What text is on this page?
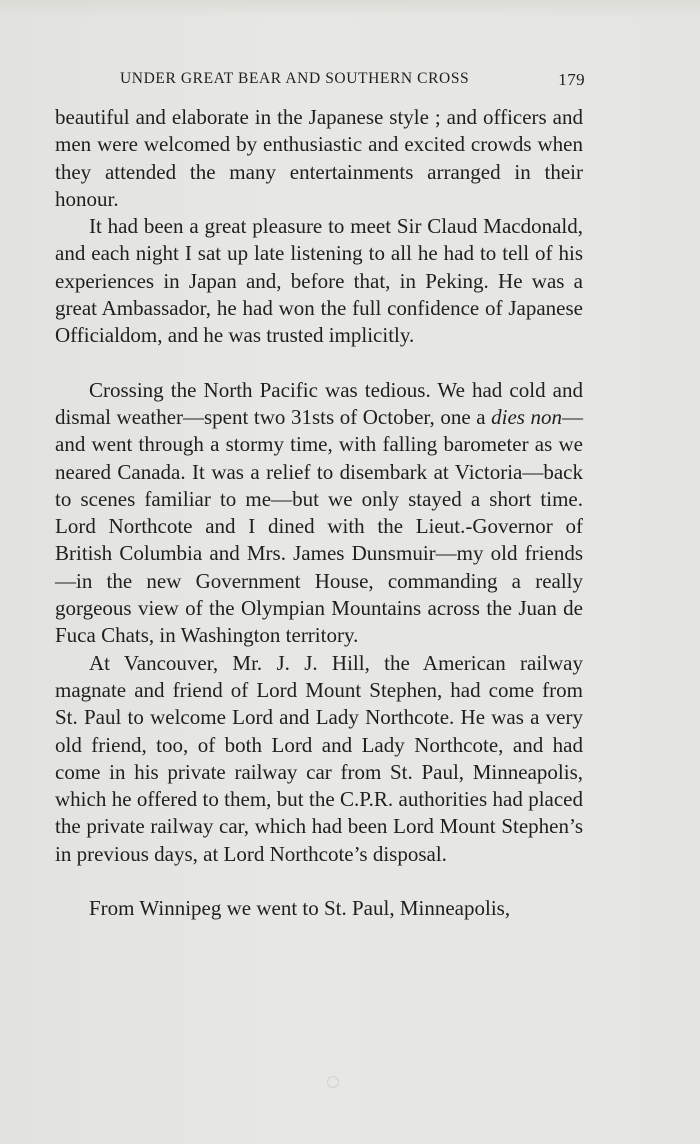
UNDER GREAT BEAR AND SOUTHERN CROSS	179

beautiful and elaborate in the Japanese style ; and officers and men were welcomed by enthusiastic and excited crowds when they attended the many entertainments arranged in their honour.

It had been a great pleasure to meet Sir Claud Macdonald, and each night I sat up late listening to all he had to tell of his experiences in Japan and, before that, in Peking. He was a great Ambassador, he had won the full confidence of Japanese Officialdom, and he was trusted implicitly.

Crossing the North Pacific was tedious. We had cold and dismal weather—spent two 31sts of October, one a dies non—and went through a stormy time, with falling barometer as we neared Canada. It was a relief to disembark at Victoria—back to scenes familiar to me—but we only stayed a short time. Lord Northcote and I dined with the Lieut.-Governor of British Columbia and Mrs. James Dunsmuir—my old friends—in the new Government House, commanding a really gorgeous view of the Olympian Mountains across the Juan de Fuca Chats, in Washington territory.

At Vancouver, Mr. J. J. Hill, the American railway magnate and friend of Lord Mount Stephen, had come from St. Paul to welcome Lord and Lady Northcote. He was a very old friend, too, of both Lord and Lady Northcote, and had come in his private railway car from St. Paul, Minneapolis, which he offered to them, but the C.P.R. authorities had placed the private railway car, which had been Lord Mount Stephen’s in previous days, at Lord Northcote’s disposal.

From Winnipeg we went to St. Paul, Minneapolis,
